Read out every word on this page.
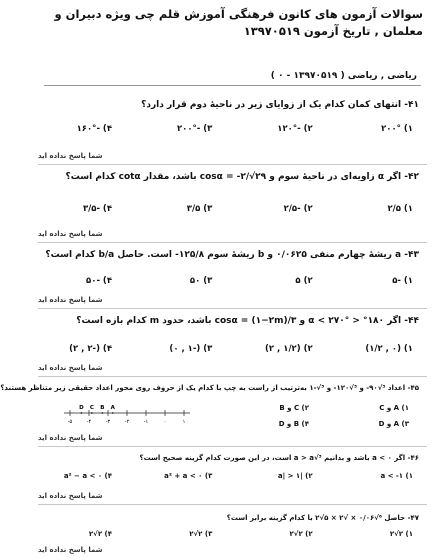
سوالات آزمون های کانون فرهنگی آموزش قلم چی ویژه دبیران و معلمان , تاریخ آزمون ۱۳۹۷۰۵۱۹
ریاضی , ریاضی ( ۱۳۹۷۰۵۱۹ - ۰ )
۴۱- انتهای کمان کدام یک از زوایای زیر در ناحیهٔ دوم قرار دارد؟
۱) ۲۰۰°
۲) -۱۲۰°
۳) -۲۰۰°
۴) -۱۶۰°
شما پاسخ نداده اید
۴۲- اگر α زاویه‌ای در ناحیهٔ سوم و cosα = -۲/√۲۹ باشد، مقدار cotα کدام است؟
۱) ۲/۵
۲) -۲/۵
۳) ۳/۵
۴) -۳/۵
شما پاسخ نداده اید
۴۳- a ریشهٔ چهارم منفی ۰/۰۶۲۵ و b ریشهٔ سوم ۱۲۵/۸- است. حاصل b/a کدام است؟
۱) -۵
۲) ۵
۳) ۵۰
۴) -۵۰
شما پاسخ نداده اید
۴۴- اگر ۱۸۰° < α < ۲۷۰° و cosα = (۱−۲m)/۳ باشد، حدود m کدام بازه است؟
۱) (۰ , ۱/۲)
۲) (۱/۲ , ۲)
۳) (-۱ , ۰)
۴) (-۲ , ۲)
شما پاسخ نداده اید
۴۵- اعداد ³√۹۰- و ³√۱۲۰- و ³√-۱ به‌ترتیب از راست به چپ با کدام یک از حروف روی محور اعداد حقیقی زیر متناظر هستند؟
۱) A و C
۲) C و B
۳) A و D
۴) B و D
-۵	-۴	-۳	-۲	-۱	۰	۱
D C B A
شما پاسخ نداده اید
۴۶- اگر ۰ > a باشد و بدانیم ³√a > a است، در این صورت کدام گزینه صحیح است؟
۱) a < -۱
۲) |a| > ۱
۳) a² + a < ۰
۴) a² − a < ۰
شما پاسخ نداده اید
۴۷- حاصل ⁶√۰/۰۶ × √۲ × ۵√۲ با کدام گزینه برابر است؟
۱) ۲√۲
۲) ۲√۲
۳) ۲√۲
۴) ۲√۲
شما پاسخ نداده اید
